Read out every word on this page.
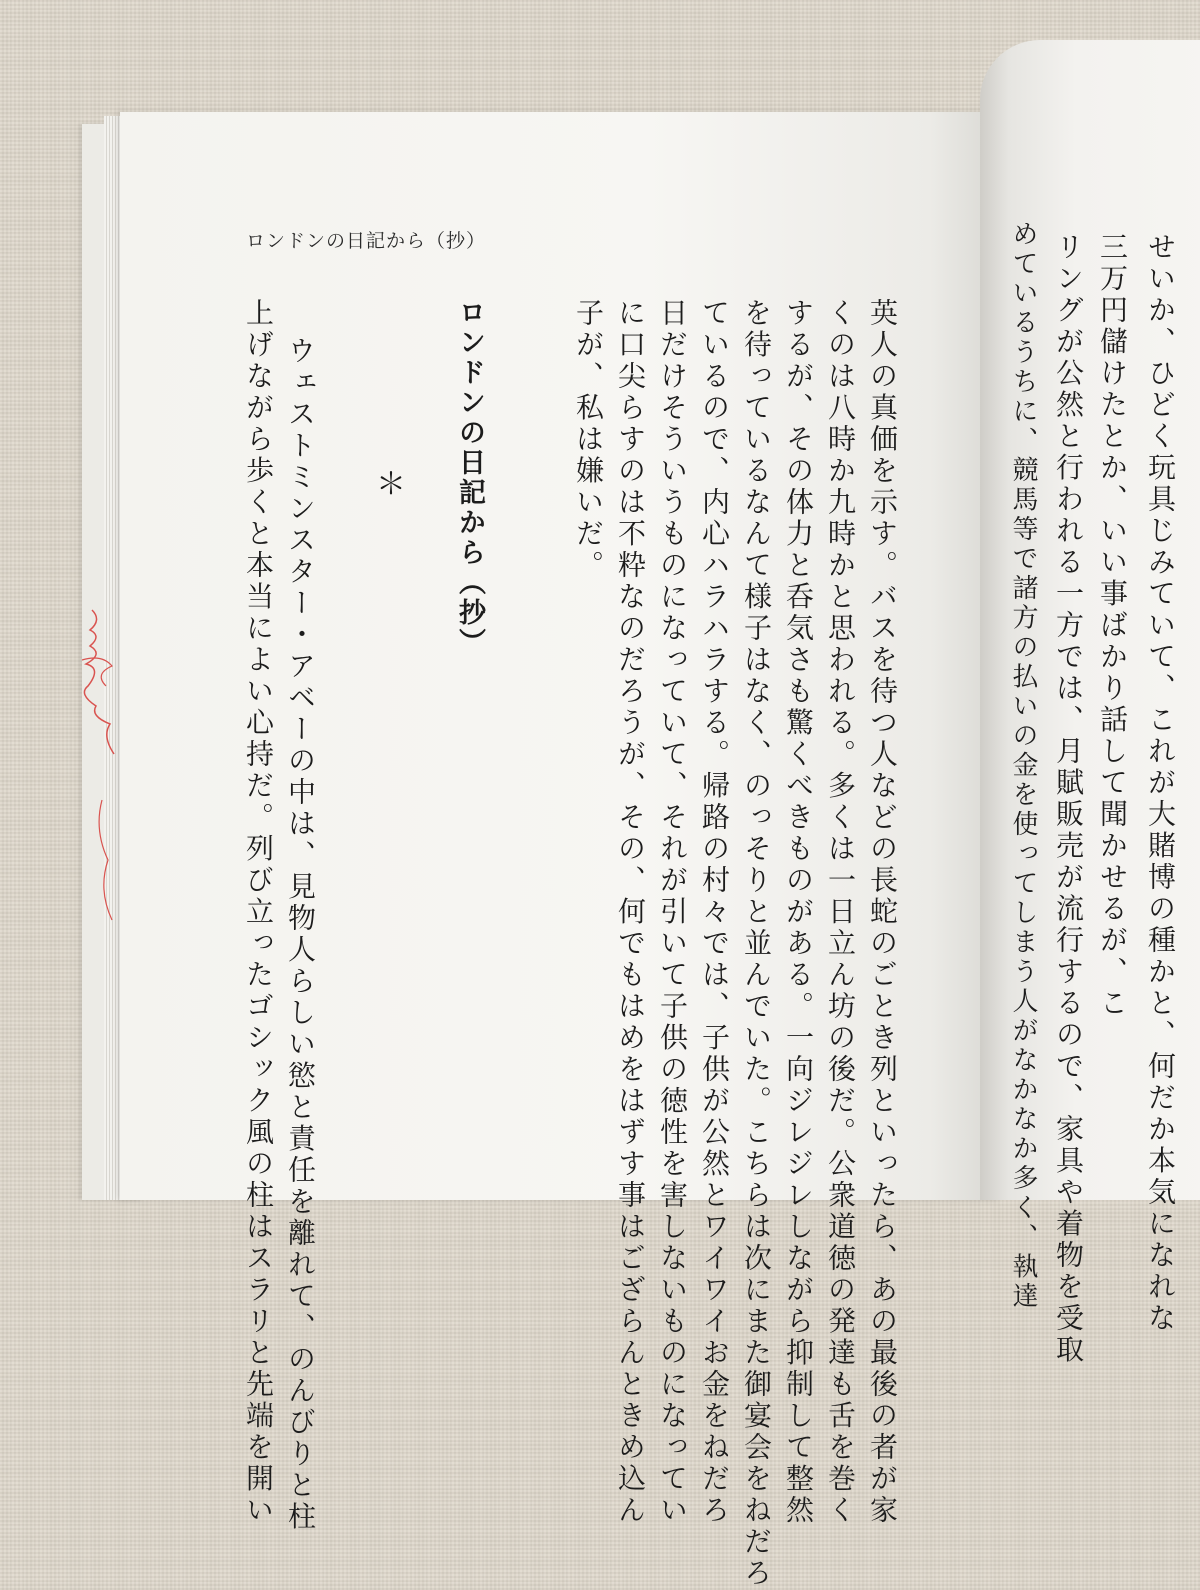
せいか、ひどく玩具じみていて、これが大賭博の種かと、何だか本気になれな
三万円儲けたとか、いい事ばかり話して聞かせるが、こ
リングが公然と行われる一方では、月賦販売が流行するので、家具や着物を受取
めているうちに、競馬等で諸方の払いの金を使ってしまう人がなかなか多く、執達
ロンドンの日記から（抄）
英人の真価を示す。バスを待つ人などの長蛇のごとき列といったら、あの最後の者が家
くのは八時か九時かと思われる。多くは一日立ん坊の後だ。公衆道徳の発達も舌を巻く
するが、その体力と呑気さも驚くべきものがある。一向ジレジレしながら抑制して整然
を待っているなんて様子はなく、のっそりと並んでいた。こちらは次にまた御宴会をねだろ
ているので、内心ハラハラする。帰路の村々では、子供が公然とワイワイお金をねだろ
日だけそういうものになっていて、それが引いて子供の徳性を害しないものになってい
に口尖らすのは不粋なのだろうが、その、何でもはめをはずす事はござらんときめ込ん
子が、私は嫌いだ。
ロンドンの日記から（抄）
＊
ウェストミンスター・アベーの中は、見物人らしい慾と責任を離れて、のんびりと柱
上げながら歩くと本当によい心持だ。列び立ったゴシック風の柱はスラリと先端を開い
